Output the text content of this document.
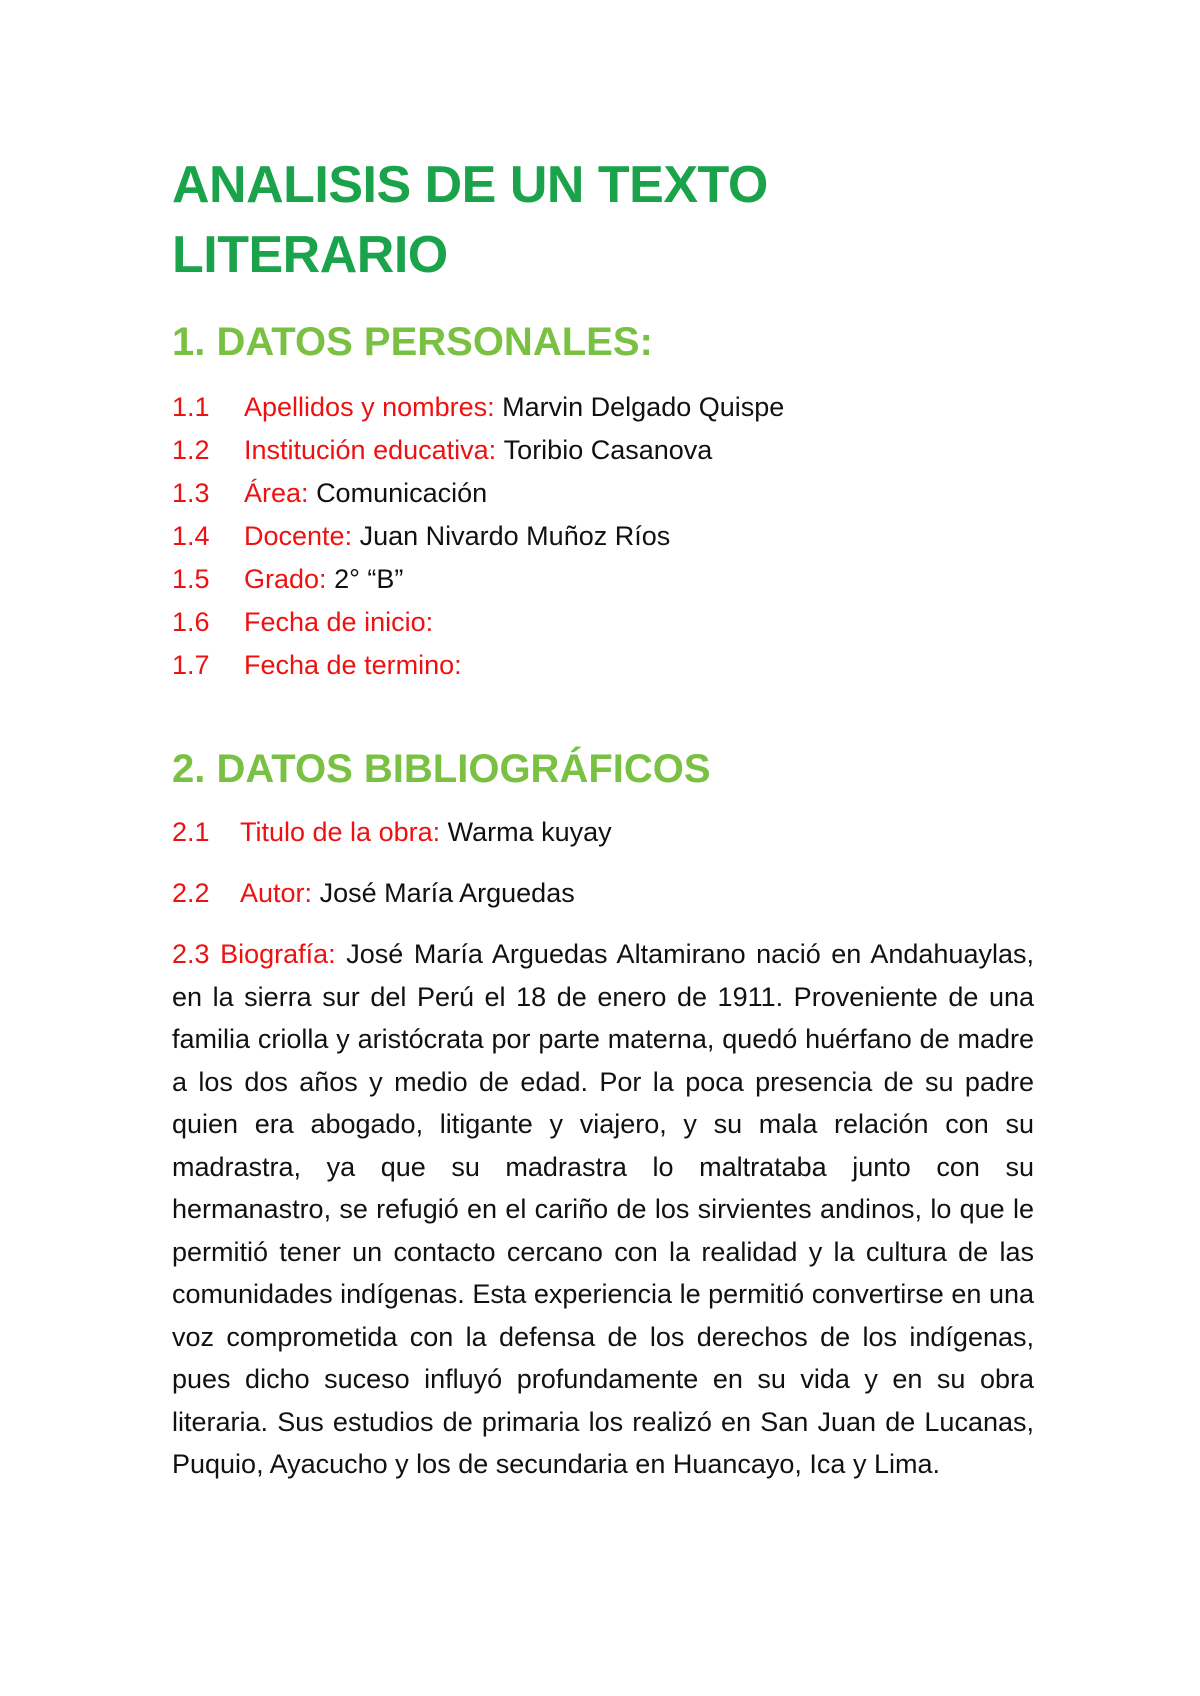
ANALISIS DE UN TEXTO LITERARIO
1. DATOS PERSONALES:
1.1	Apellidos y nombres:
Marvin Delgado Quispe
1.2	Institución educativa:
Toribio Casanova
1.3	Área:
Comunicación
1.4	Docente:
Juan Nivardo Muñoz Ríos
1.5	Grado:
2° “B”
1.6	Fecha de inicio:

1.7	Fecha de termino:

2. DATOS BIBLIOGRÁFICOS
2.1	Titulo de la obra:
Warma kuyay
2.2	Autor:
José María Arguedas

2.3 Biografía: José María Arguedas Altamirano nació en Andahuaylas, en la sierra sur del Perú el 18 de enero de 1911. Proveniente de una familia criolla y aristócrata por parte materna, quedó huérfano de madre a los dos años y medio de edad. Por la poca presencia de su padre quien era abogado, litigante y viajero, y su mala relación con su madrastra, ya que su madrastra lo maltrataba junto con su hermanastro, se refugió en el cariño de los sirvientes andinos, lo que le permitió tener un contacto cercano con la realidad y la cultura de las comunidades indígenas. Esta experiencia le permitió convertirse en una voz comprometida con la defensa de los derechos de los indígenas, pues dicho suceso influyó profundamente en su vida y en su obra literaria. Sus estudios de primaria los realizó en San Juan de Lucanas, Puquio, Ayacucho y los de secundaria en Huancayo, Ica y Lima.
